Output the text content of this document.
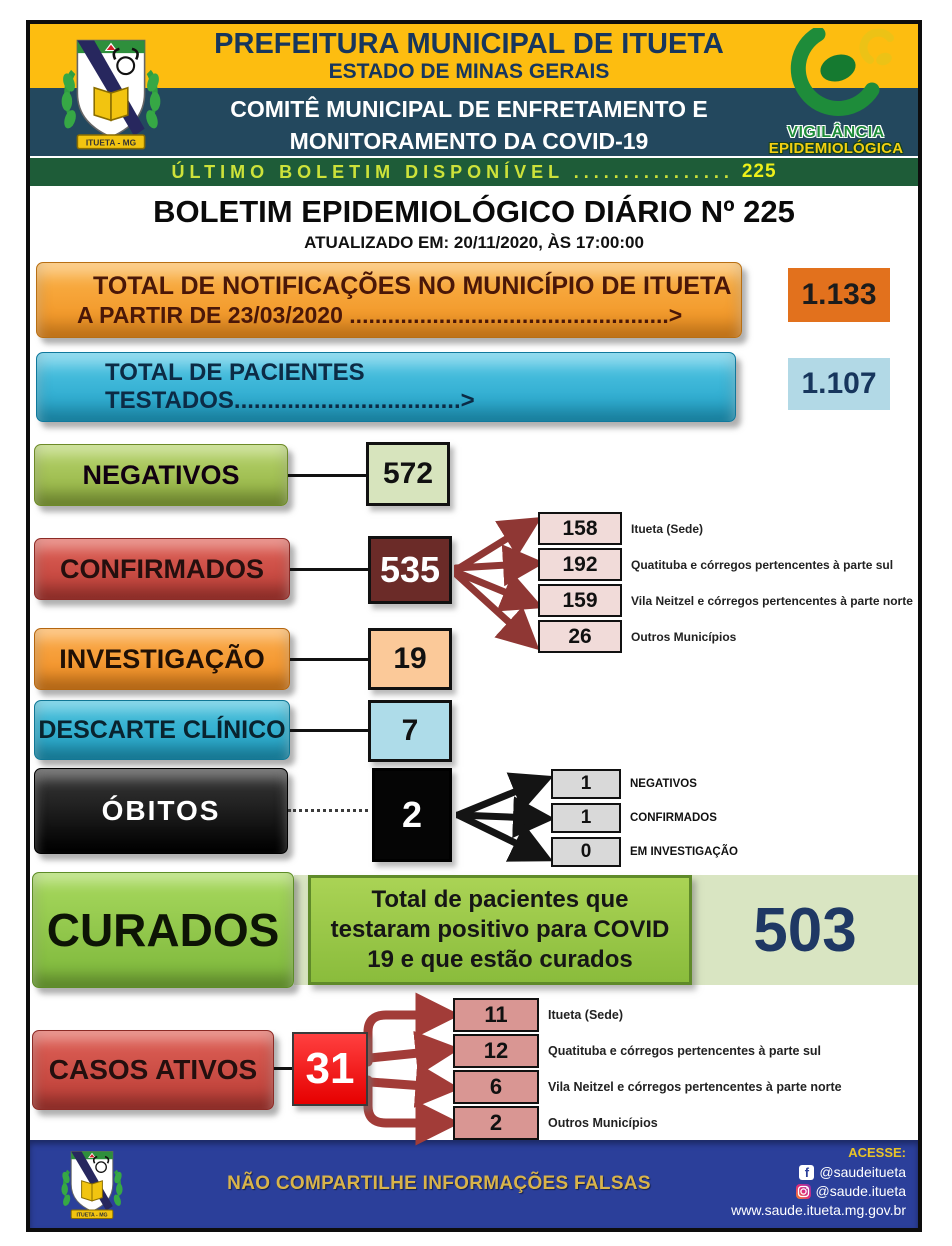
PREFEITURA MUNICIPAL DE ITUETA
ESTADO DE MINAS GERAIS
COMITÊ MUNICIPAL DE ENFRETAMENTO E
MONITORAMENTO DA COVID-19
ÚLTIMO BOLETIM DISPONÍVEL ................ 225
VIGILÂNCIA
EPIDEMIOLÓGICA
BOLETIM EPIDEMIOLÓGICO DIÁRIO Nº 225
ATUALIZADO EM: 20/11/2020, ÀS 17:00:00
TOTAL DE NOTIFICAÇÕES NO MUNICÍPIO DE ITUETA
A PARTIR DE 23/03/2020 ..................................................>
1.133
TOTAL DE PACIENTES TESTADOS..................................>
1.107
NEGATIVOS	572
CONFIRMADOS	535
158	Itueta (Sede)
192	Quatituba e córregos pertencentes à parte sul
159	Vila Neitzel e córregos pertencentes à parte norte
26	Outros Municípios
INVESTIGAÇÃO	19
DESCARTE CLÍNICO	7
ÓBITOS	2
1	NEGATIVOS
1	CONFIRMADOS
0	EM INVESTIGAÇÃO
CURADOS
Total de pacientes que testaram positivo para COVID 19 e que estão curados	503
CASOS ATIVOS	31
11	Itueta (Sede)
12	Quatituba e córregos pertencentes à parte sul
6	Vila Neitzel e córregos pertencentes à parte norte
2	Outros Municípios
NÃO COMPARTILHE INFORMAÇÕES FALSAS
ACESSE:
f @saudeitueta
@saude.itueta
www.saude.itueta.mg.gov.br
